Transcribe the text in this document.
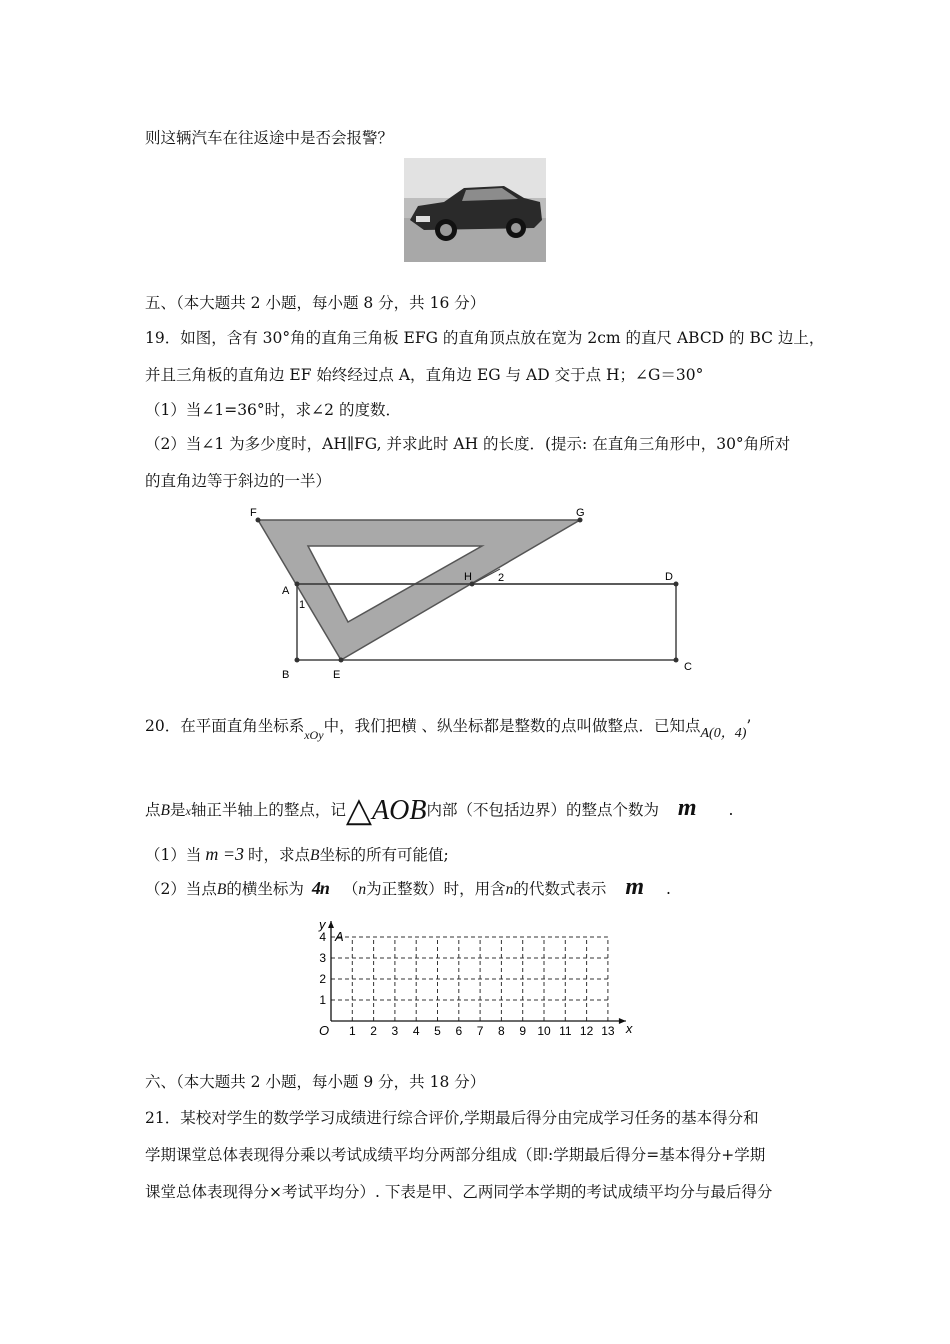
则这辆汽车在往返途中是否会报警？
五、（本大题共 2 小题，每小题 8 分，共 16 分）
19．如图，含有 30°角的直角三角板 EFG 的直角顶点放在宽为 2cm 的直尺 ABCD 的 BC 边上，
并且三角板的直角边 EF 始终经过点 A，直角边 EG 与 AD 交于点 H；∠G＝30°
（1）当∠1=36°时，求∠2 的度数．
（2）当∠1 为多少度时，AH∥FG, 并求此时 AH 的长度．(提示: 在直角三角形中，30°角所对
的直角边等于斜边的一半）
F	G
A
1
H 2	D
B	E
C
20．在平面直角坐标系$_{xOy}$中，我们把横 、纵坐标都是整数的点叫做整点．已知点A(0，4)’
点B是x轴正半轴上的整点，记△AOB内部（不包括边界）的整点个数为 m .
（1）当 m =3 时，求点B坐标的所有可能值;
（2）当点B的横坐标为 4n （n为正整数）时，用含n的代数式表示 m .
1 2 3 4 5 6 7 8 9 10 11 12 13
1
2
3
4
O	x
y
A
六、（本大题共 2 小题，每小题 9 分，共 18 分）
21．某校对学生的数学学习成绩进行综合评价,学期最后得分由完成学习任务的基本得分和
学期课堂总体表现得分乘以考试成绩平均分两部分组成（即:学期最后得分=基本得分+学期
课堂总体表现得分×考试平均分）. 下表是甲、乙两同学本学期的考试成绩平均分与最后得分
